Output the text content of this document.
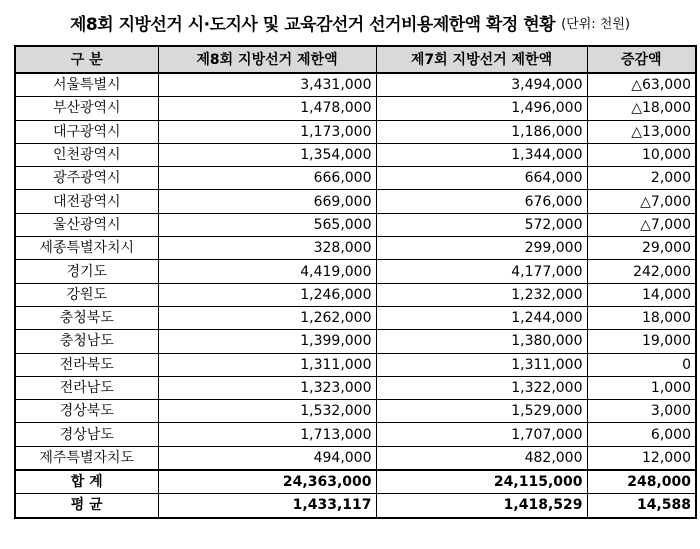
제8회 지방선거 시·도지사 및 교육감선거 선거비용제한액 확정 현황 (단위: 천원)
구 분	제8회 지방선거 제한액	제7회 지방선거 제한액	증감액
서울특별시	3,431,000	3,494,000	△63,000
부산광역시	1,478,000	1,496,000	△18,000
대구광역시	1,173,000	1,186,000	△13,000
인천광역시	1,354,000	1,344,000	10,000
광주광역시	666,000	664,000	2,000
대전광역시	669,000	676,000	△7,000
울산광역시	565,000	572,000	△7,000
세종특별자치시	328,000	299,000	29,000
경기도	4,419,000	4,177,000	242,000
강원도	1,246,000	1,232,000	14,000
충청북도	1,262,000	1,244,000	18,000
충청남도	1,399,000	1,380,000	19,000
전라북도	1,311,000	1,311,000	0
전라남도	1,323,000	1,322,000	1,000
경상북도	1,532,000	1,529,000	3,000
경상남도	1,713,000	1,707,000	6,000
제주특별자치도	494,000	482,000	12,000
합 계	24,363,000	24,115,000	248,000
평 균	1,433,117	1,418,529	14,588
